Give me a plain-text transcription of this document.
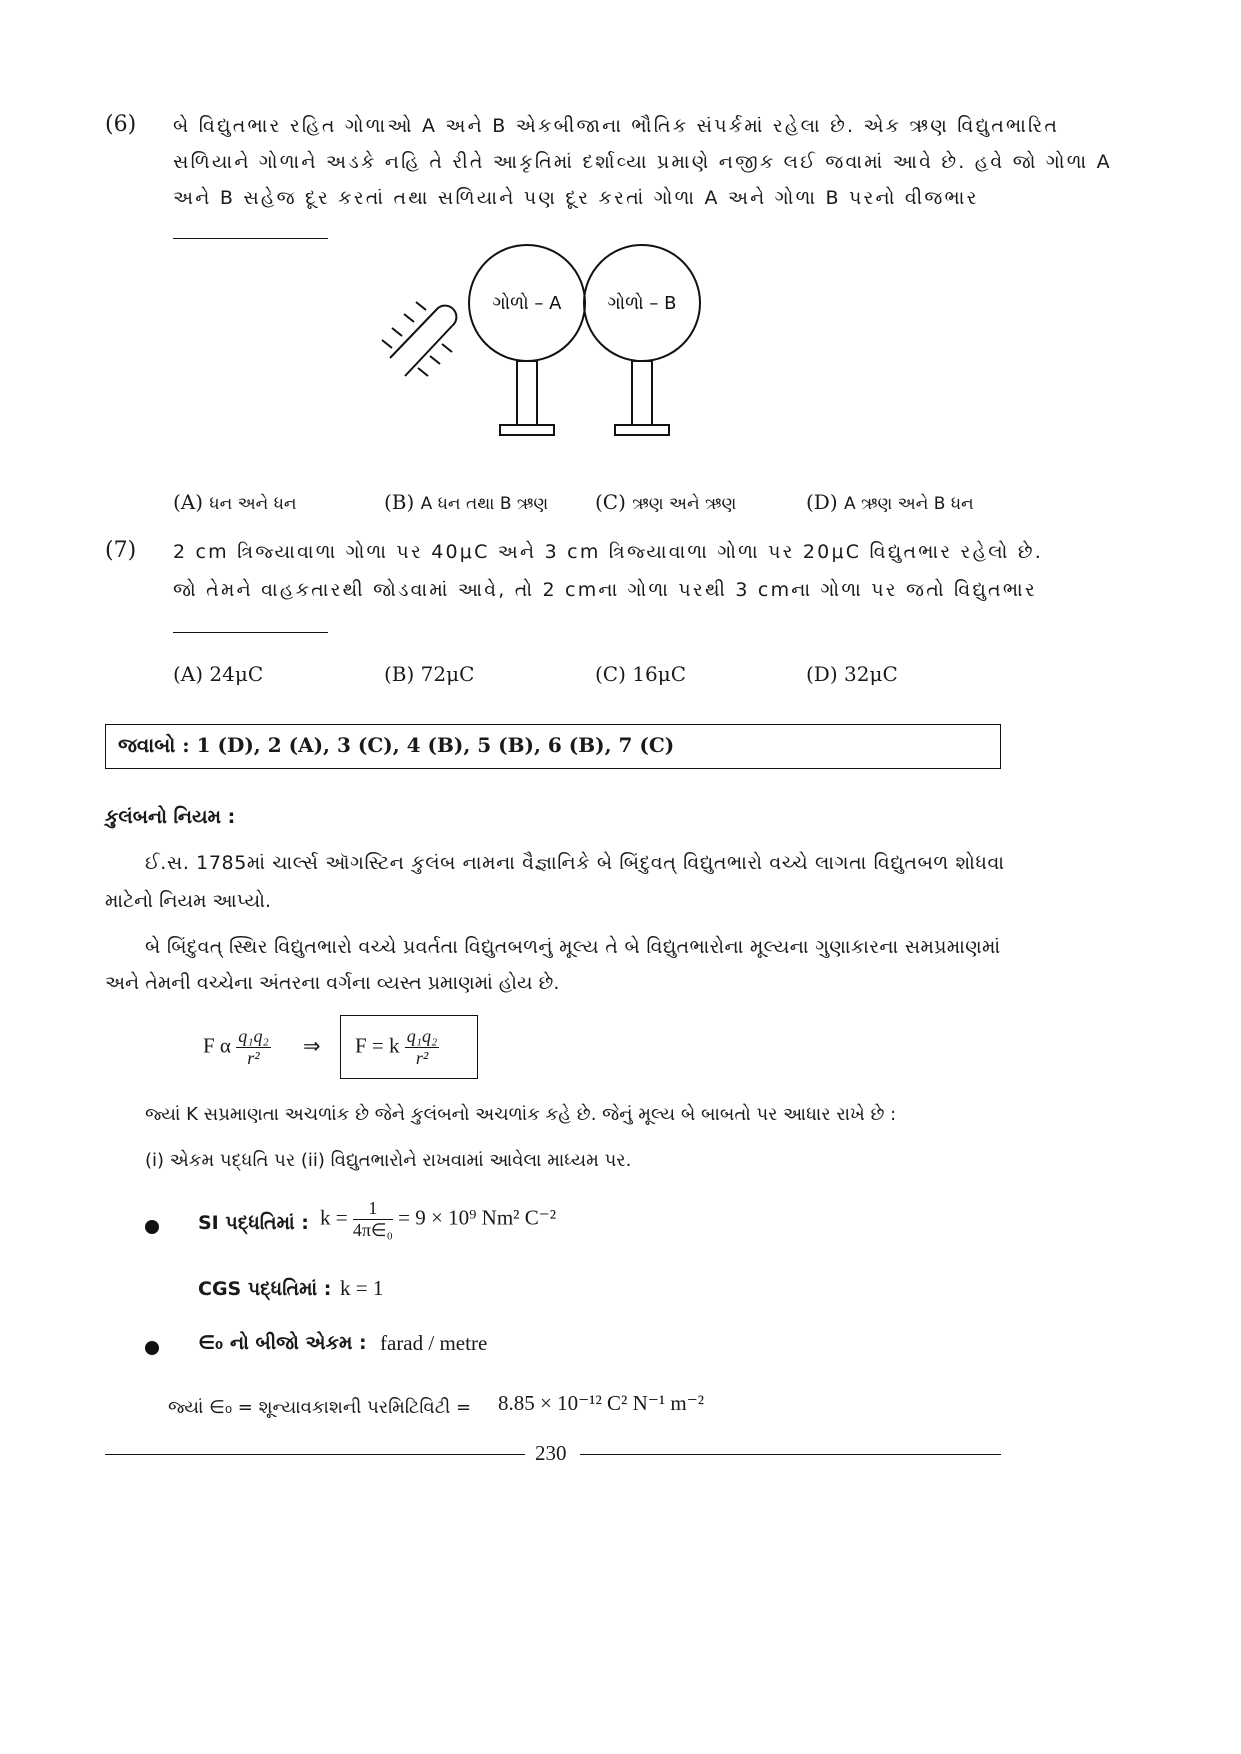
(6) બે વિદ્યુતભાર રહિત ગોળાઓ A અને B એકબીજાના ભૌતિક સંપર્કમાં રહેલા છે. એક ઋણ વિદ્યુતભારિત
સળિયાને ગોળાને અડકે નહિ તે રીતે આકૃતિમાં દર્શાવ્યા પ્રમાણે નજીક લઈ જવામાં આવે છે. હવે જો ગોળા A
અને B સહેજ દૂર કરતાં તથા સળિયાને પણ દૂર કરતાં ગોળા A અને ગોળા B પરનો વીજભાર
ગોળો – A	ગોળો – B
(A) ધન અને ધન	(B) A ધન તથા B ઋણ (C) ઋણ અને ઋણ	(D) A ઋણ અને B ધન
(7) 2 cm ત્રિજ્યાવાળા ગોળા પર 40μC અને 3 cm ત્રિજ્યાવાળા ગોળા પર 20μC વિદ્યુતભાર રહેલો છે.
જો તેમને વાહકતારથી જોડવામાં આવે, તો 2 cmના ગોળા પરથી 3 cmના ગોળા પર જતો વિદ્યુતભાર
(A) 24μC	(B) 72μC	(C) 16μC	(D) 32μC
જવાબો : 1 (D), 2 (A), 3 (C), 4 (B), 5 (B), 6 (B), 7 (C)
કુલંબનો નિયમ :
ઈ.સ. 1785માં ચાર્લ્સ ઑગસ્ટિન કુલંબ નામના વૈજ્ઞાનિકે બે બિંદુવત્ વિદ્યુતભારો વચ્ચે લાગતા વિદ્યુતબળ શોધવા
માટેનો નિયમ આપ્યો.
બે બિંદુવત્ સ્થિર વિદ્યુતભારો વચ્ચે પ્રવર્તતા વિદ્યુતબળનું મૂલ્ય તે બે વિદ્યુતભારોના મૂલ્યના ગુણાકારના સમપ્રમાણમાં
અને તેમની વચ્ચેના અંતરના વર્ગના વ્યસ્ત પ્રમાણમાં હોય છે.
F α $\frac{\text{q₁q₂}}{\text{r²}}$ ⇒ F = k $\frac{\text{q₁q₂}}{\text{r²}}$
જ્યાં K સપ્રમાણતા અચળાંક છે જેને કુલંબનો અચળાંક કહે છે. જેનું મૂલ્ય બે બાબતો પર આધાર રાખે છે :
(i) એકમ પદ્ધતિ પર (ii) વિદ્યુતભારોને રાખવામાં આવેલા માધ્યમ પર.
SI પદ્ધતિમાં : $k = \frac{1}{\text{4π∈₀}} = 9 \times 10^9$ Nm² C⁻²
CGS પદ્ધતિમાં : k = 1
∈₀ નો બીજો એકમ : farad / metre
જ્યાં ∈₀ = શૂન્યાવકાશની પરમિટિવિટી = 8.85 × 10⁻¹² C² N⁻¹ m⁻²
230
